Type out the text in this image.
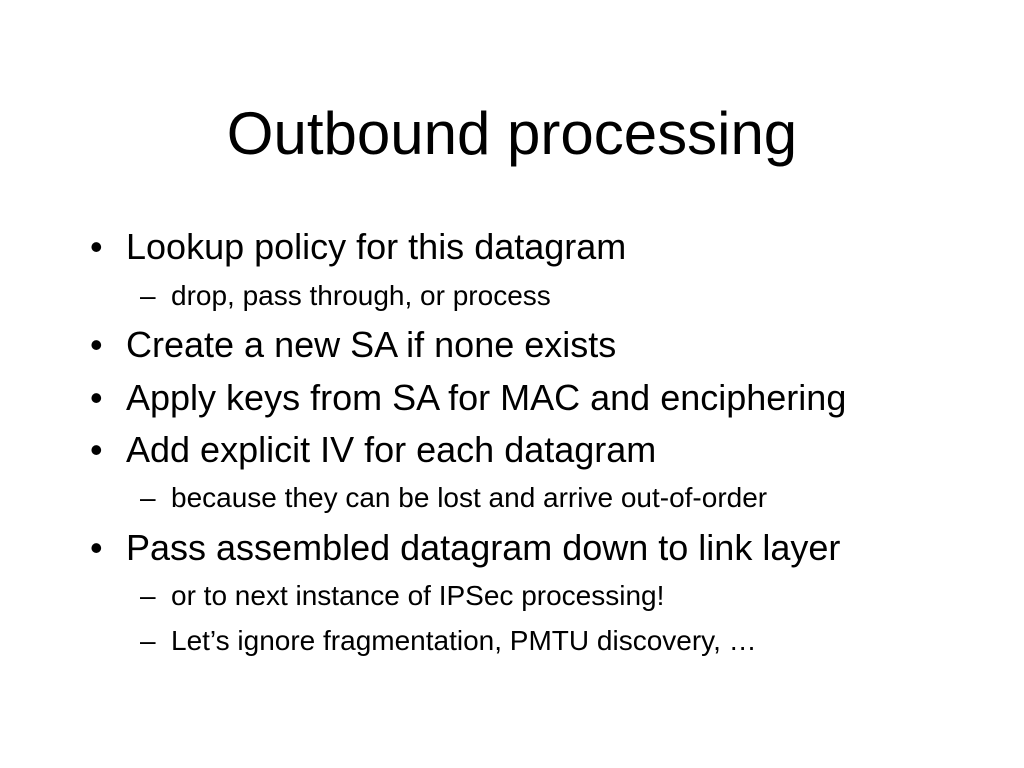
Outbound processing
• Lookup policy for this datagram
– drop, pass through, or process
• Create a new SA if none exists
• Apply keys from SA for MAC and enciphering
• Add explicit IV for each datagram
– because they can be lost and arrive out-of-order
• Pass assembled datagram down to link layer
– or to next instance of IPSec processing!
– Let’s ignore fragmentation, PMTU discovery, …
